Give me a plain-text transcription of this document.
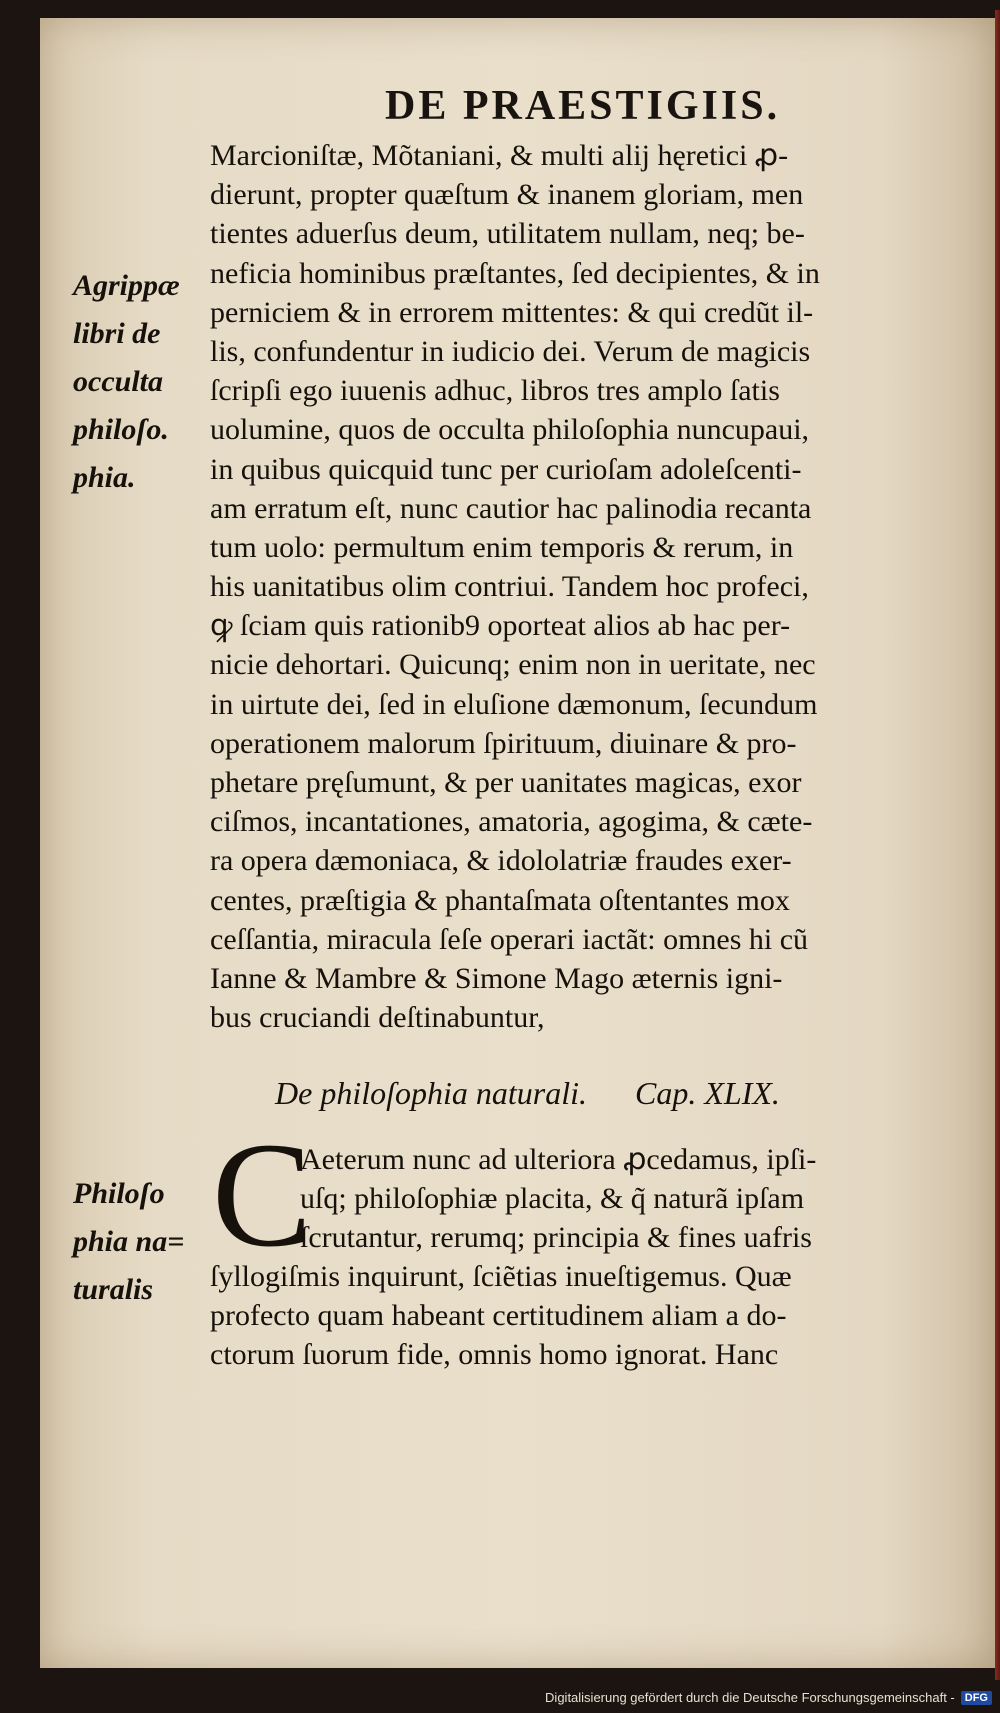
DE PRAESTIGIIS.
Marcioniſtæ, Mõtaniani, & multi alij hęretici ꝓ-
dierunt, propter quæſtum & inanem gloriam, men
tientes aduerſus deum, utilitatem nullam, neq; be-
neficia hominibus præſtantes, ſed decipientes, & in
perniciem & in errorem mittentes: & qui credũt il-
lis, confundentur in iudicio dei. Verum de magicis
ſcripſi ego iuuenis adhuc, libros tres amplo ſatis
uolumine, quos de occulta philoſophia nuncupaui,
in quibus quicquid tunc per curioſam adoleſcenti-
am erratum eſt, nunc cautior hac palinodia recanta
tum uolo: permultum enim temporis & rerum, in
his uanitatibus olim contriui. Tandem hoc profeci,
ꝙ ſciam quis rationib9 oporteat alios ab hac per-
nicie dehortari. Quicunq; enim non in ueritate, nec
in uirtute dei, ſed in eluſione dæmonum, ſecundum
operationem malorum ſpirituum, diuinare & pro-
phetare pręſumunt, & per uanitates magicas, exor
ciſmos, incantationes, amatoria, agogima, & cæte-
ra opera dæmoniaca, & idololatriæ fraudes exer-
centes, præſtigia & phantaſmata oſtentantes mox
ceſſantia, miracula ſeſe operari iactãt: omnes hi cũ
Ianne & Mambre & Simone Mago æternis igni-
bus cruciandi deſtinabuntur,
Agrippæ
libri de
occulta
philoſo.
phia.
De philoſophia naturali. Cap. XLIX.
C
Aeterum nunc ad ulteriora ꝓcedamus, ipſi-
uſq; philoſophiæ placita, & q̃ naturã ipſam
ſcrutantur, rerumq; principia & fines uafris
ſyllogiſmis inquirunt, ſciẽtias inueſtigemus. Quæ
profecto quam habeant certitudinem aliam a do-
ctorum ſuorum fide, omnis homo ignorat. Hanc
Philoſo
phia na=
turalis
Digitalisierung gefördert durch die Deutsche Forschungsgemeinschaft - DFG
